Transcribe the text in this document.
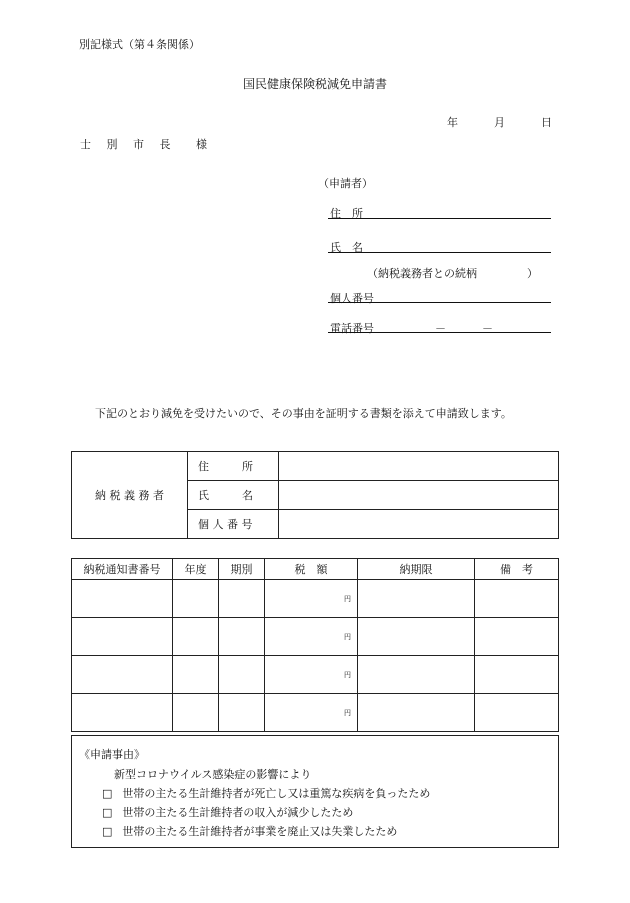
別記様式（第４条関係）
国民健康保険税減免申請書
年	月	日
士 別 市 長 様
（申請者）
住　所
氏　名
（納税義務者との続柄	）
個人番号
電話番号	－	－
下記のとおり減免を受けたいので、その事由を証明する書類を添えて申請致します。
納 税 義 務 者	住　　　所	
	氏　　　名	
	個 人 番 号	
納税通知書番号	年度	期別	税　額	納期限	備　考
			円		
			円		
			円		
			円		
《申請事由》
新型コロナウイルス感染症の影響により
□ 世帯の主たる生計維持者が死亡し又は重篤な疾病を負ったため
□ 世帯の主たる生計維持者の収入が減少したため
□ 世帯の主たる生計維持者が事業を廃止又は失業したため
